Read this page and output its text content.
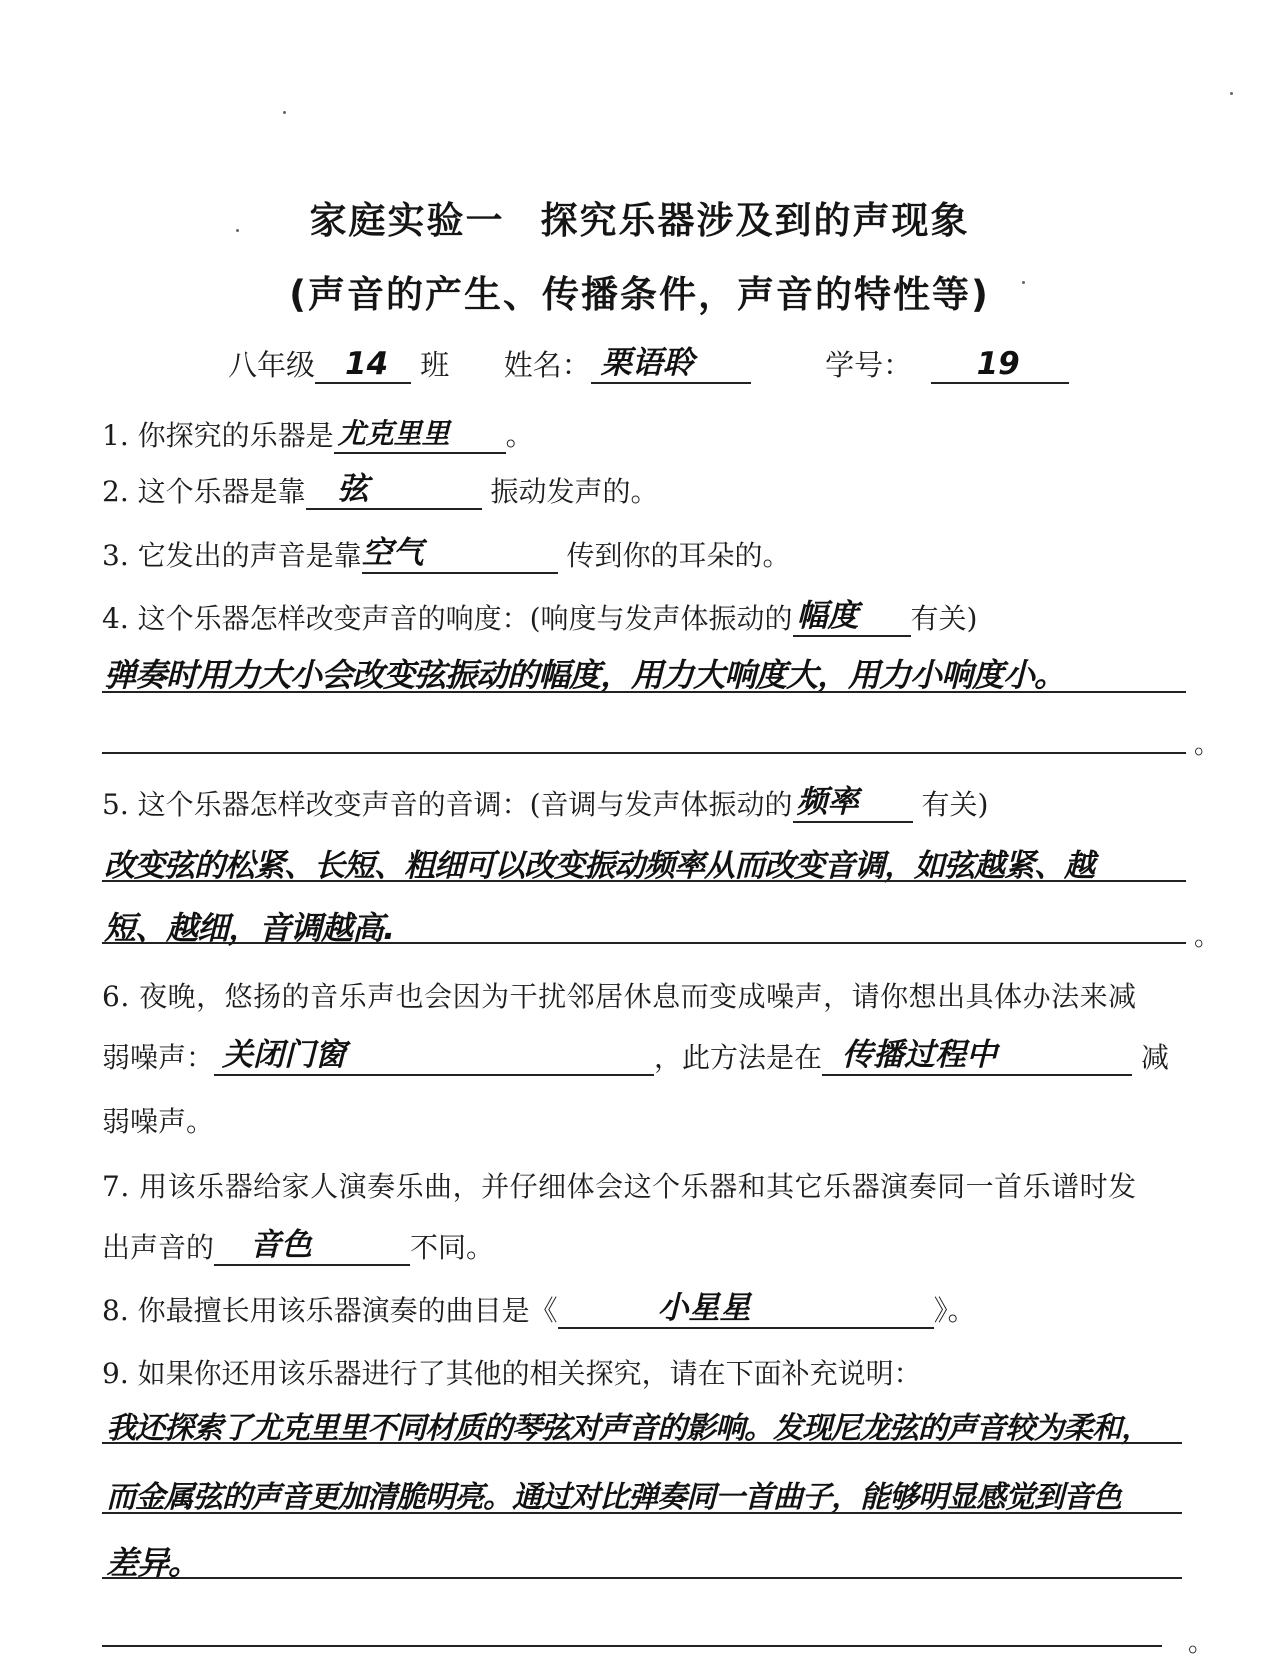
家庭实验一 探究乐器涉及到的声现象
(声音的产生、传播条件，声音的特性等)
八年级 14 班 姓名： 栗语聆	学号： 19
1. 你探究的乐器是 尤克里里 。
2. 这个乐器是靠 弦	振动发声的。
3. 它发出的声音是靠 空气	传到你的耳朵的。
4. 这个乐器怎样改变声音的响度：(响度与发声体振动的 幅度 有关)
弹奏时用力大小会改变弦振动的幅度，用力大响度大，用力小响度小。
。
5. 这个乐器怎样改变声音的音调：(音调与发声体振动的 频率 有关)
改变弦的松紧、长短、粗细可以改变振动频率从而改变音调，如弦越紧、越
短、越细，音调越高.	。
6. 夜晚，悠扬的音乐声也会因为干扰邻居休息而变成噪声，请你想出具体办法来减
弱噪声： 关闭门窗	，此方法是在 传播过程中	减
弱噪声。
7. 用该乐器给家人演奏乐曲，并仔细体会这个乐器和其它乐器演奏同一首乐谱时发
出声音的 音色	不同。
8. 你最擅长用该乐器演奏的曲目是《	小星星	》。
9. 如果你还用该乐器进行了其他的相关探究，请在下面补充说明：
我还探索了尤克里里不同材质的琴弦对声音的影响。发现尼龙弦的声音较为柔和，
而金属弦的声音更加清脆明亮。通过对比弹奏同一首曲子，能够明显感觉到音色
差异。
。
